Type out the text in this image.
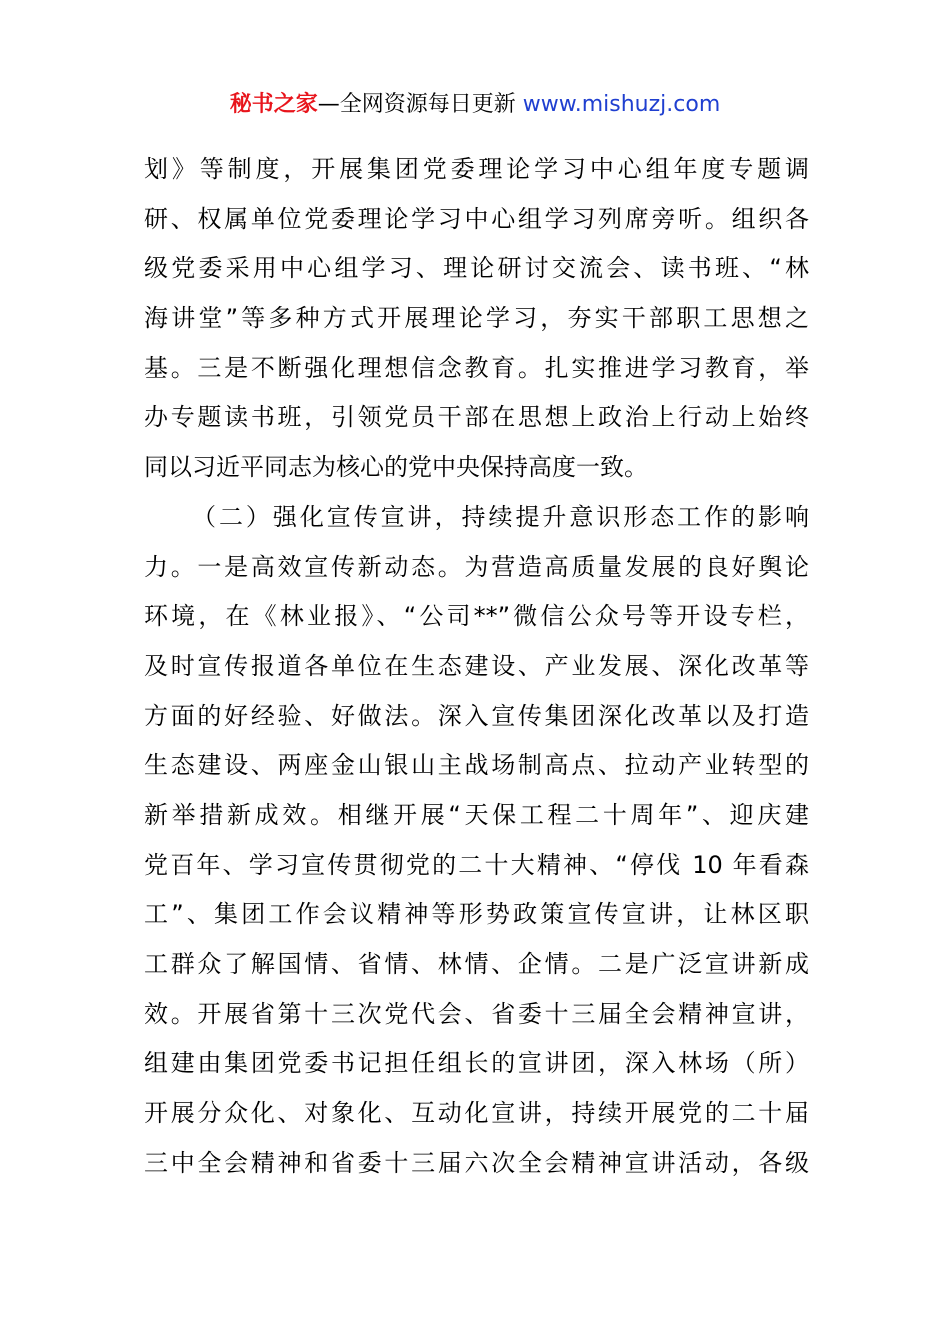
秘书之家—全网资源每日更新 www.mishuzj.com
划》等制度，开展集团党委理论学习中心组年度专题调
研、权属单位党委理论学习中心组学习列席旁听。组织各
级党委采用中心组学习、理论研讨交流会、读书班、“林
海讲堂”等多种方式开展理论学习，夯实干部职工思想之
基。三是不断强化理想信念教育。扎实推进学习教育，举
办专题读书班，引领党员干部在思想上政治上行动上始终
同以习近平同志为核心的党中央保持高度一致。
（二）强化宣传宣讲，持续提升意识形态工作的影响
力。一是高效宣传新动态。为营造高质量发展的良好舆论
环境，在《林业报》、“公司**”微信公众号等开设专栏，
及时宣传报道各单位在生态建设、产业发展、深化改革等
方面的好经验、好做法。深入宣传集团深化改革以及打造
生态建设、两座金山银山主战场制高点、拉动产业转型的
新举措新成效。相继开展“天保工程二十周年”、迎庆建
党百年、学习宣传贯彻党的二十大精神、“停伐 10 年看森
工”、集团工作会议精神等形势政策宣传宣讲，让林区职
工群众了解国情、省情、林情、企情。二是广泛宣讲新成
效。开展省第十三次党代会、省委十三届全会精神宣讲，
组建由集团党委书记担任组长的宣讲团，深入林场（所）
开展分众化、对象化、互动化宣讲，持续开展党的二十届
三中全会精神和省委十三届六次全会精神宣讲活动，各级
